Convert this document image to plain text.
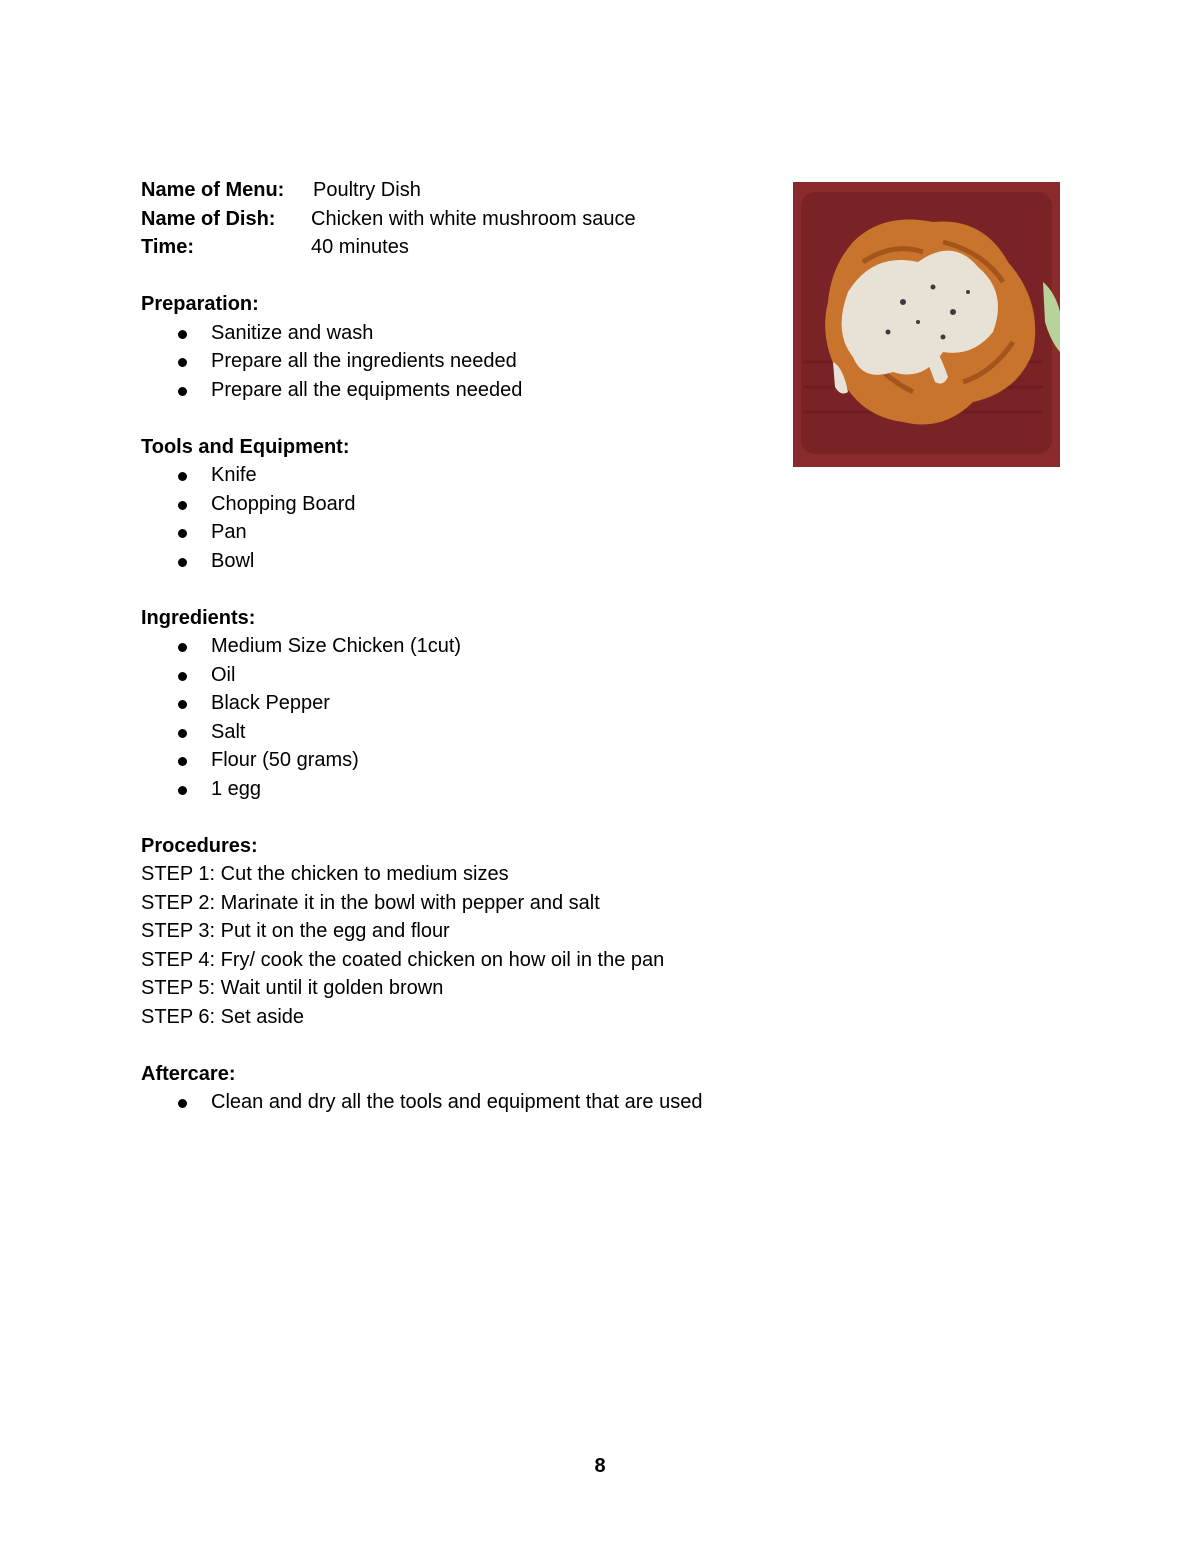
Name of Menu:	Poultry Dish
Name of Dish:	Chicken with white mushroom sauce
Time:	40 minutes
Preparation:
Sanitize and wash
Prepare all the ingredients needed
Prepare all the equipments needed
Tools and Equipment:
Knife
Chopping Board
Pan
Bowl
Ingredients:
Medium Size Chicken (1cut)
Oil
Black Pepper
Salt
Flour (50 grams)
1 egg
Procedures:
STEP 1: Cut the chicken to medium sizes
STEP 2: Marinate it in the bowl with pepper and salt
STEP 3: Put it on the egg and flour
STEP 4: Fry/ cook the coated chicken on how oil in the pan
STEP 5: Wait until it golden brown
STEP 6: Set aside
Aftercare:
Clean and dry all the tools and equipment that are used
8
